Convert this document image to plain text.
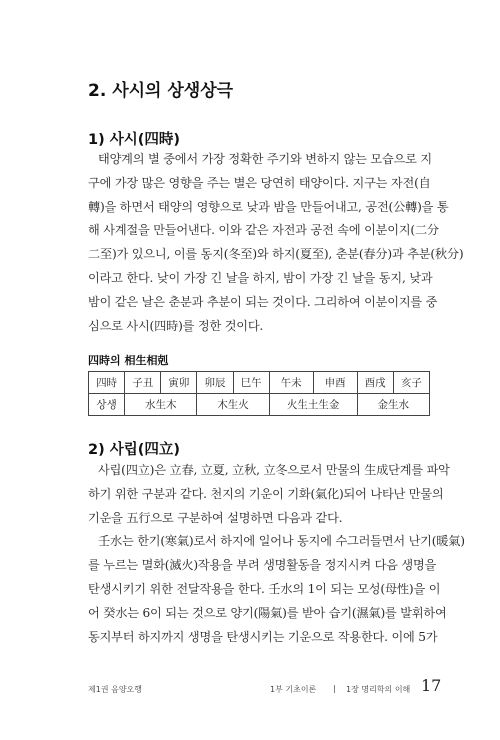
2. 사시의 상생상극
1) 사시(四時)
태양계의 별 중에서 가장 정확한 주기와 변하지 않는 모습으로 지
구에 가장 많은 영향을 주는 별은 당연히 태양이다. 지구는 자전(自
轉)을 하면서 태양의 영향으로 낮과 밤을 만들어내고, 공전(公轉)을 통
해 사계절을 만들어낸다. 이와 같은 자전과 공전 속에 이분이지(二分
二至)가 있으니, 이를 동지(冬至)와 하지(夏至), 춘분(春分)과 추분(秋分)
이라고 한다. 낮이 가장 긴 날을 하지, 밤이 가장 긴 날을 동지, 낮과
밤이 같은 날은 춘분과 추분이 되는 것이다. 그리하여 이분이지를 중
심으로 사시(四時)를 정한 것이다.
四時의 相生相剋
四時	子丑	寅卯	卯辰	巳午	午未	申酉	酉戌	亥子
상생	水生木		木生火		火生土生金		金生水	
2) 사립(四立)
사립(四立)은 立春, 立夏, 立秋, 立冬으로서 만물의 生成단계를 파악
하기 위한 구분과 같다. 천지의 기운이 기화(氣化)되어 나타난 만물의
기운을 五行으로 구분하여 설명하면 다음과 같다.
壬水는 한기(寒氣)로서 하지에 일어나 동지에 수그러들면서 난기(暖氣)
를 누르는 멸화(滅火)작용을 부려 생명활동을 정지시켜 다음 생명을
탄생시키기 위한 전달작용을 한다. 壬水의 1이 되는 모성(母性)을 이
어 癸水는 6이 되는 것으로 양기(陽氣)를 받아 습기(濕氣)를 발휘하여
동지부터 하지까지 생명을 탄생시키는 기운으로 작용한다. 이에 5가
제1권 음양오행	1부 기초이론 | 1장 명리학의 이해 17
